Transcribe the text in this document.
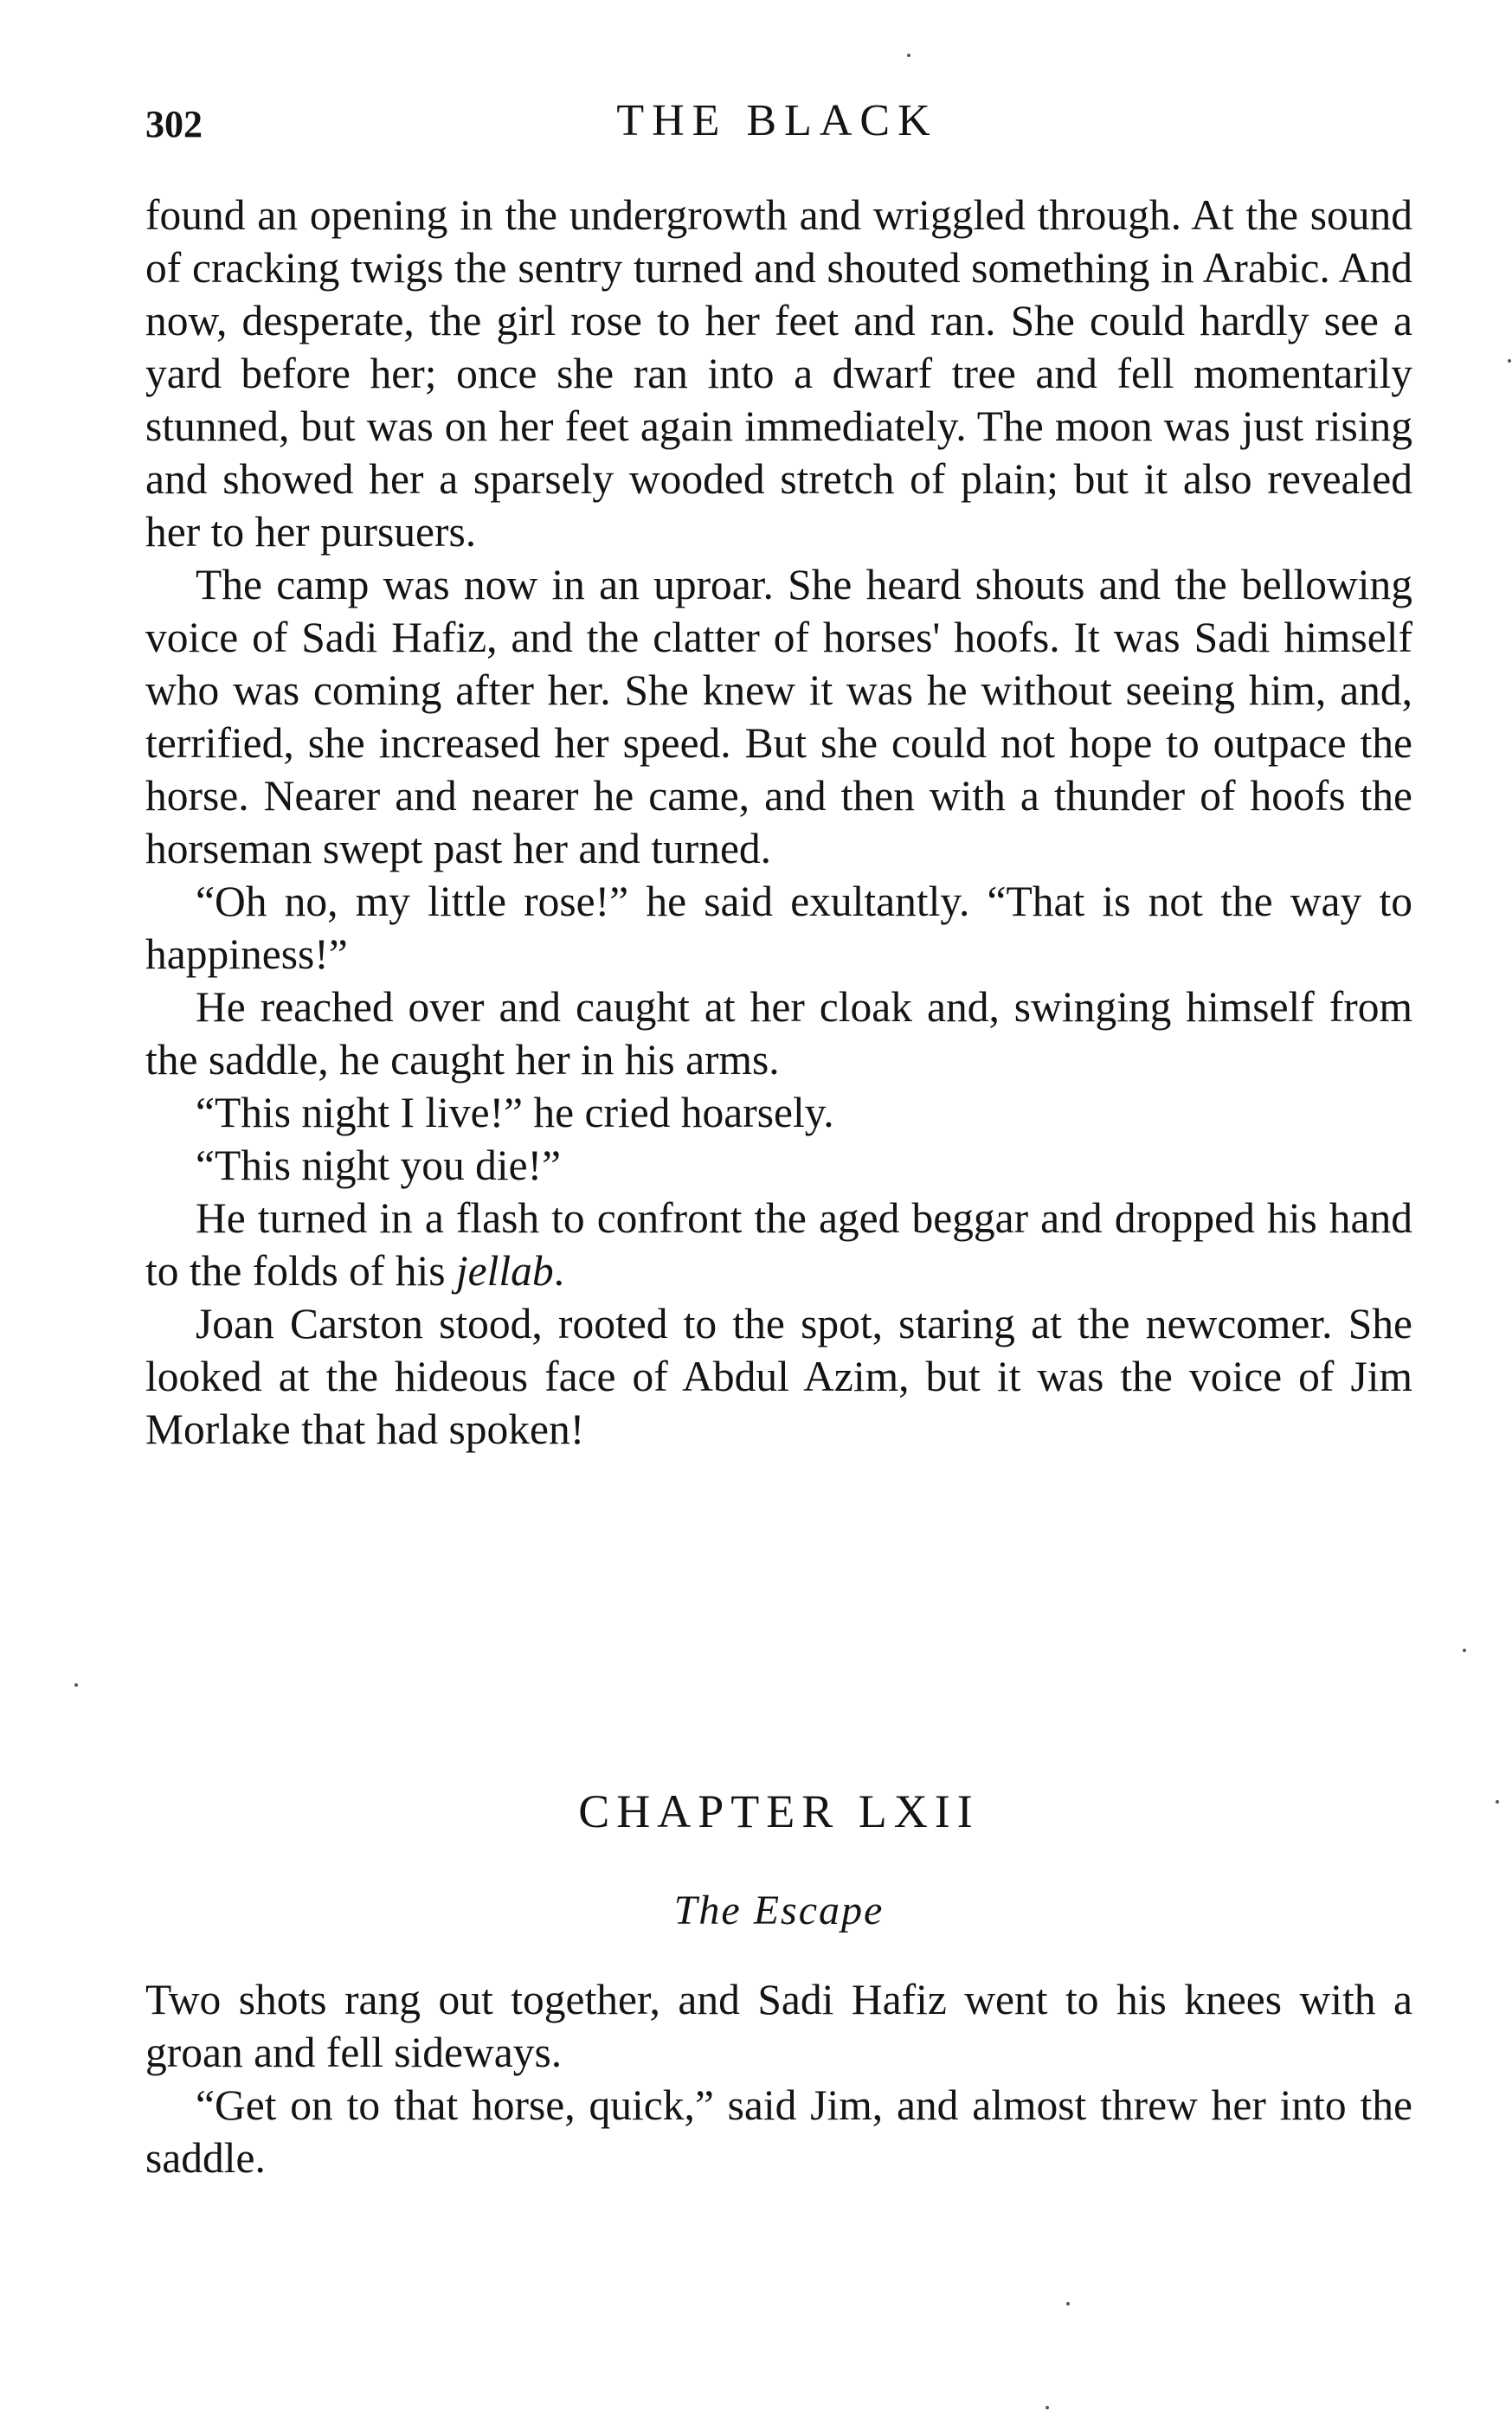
302	THE BLACK

found an opening in the undergrowth and wriggled through. At the sound of cracking twigs the sentry turned and shouted something in Arabic. And now, desperate, the girl rose to her feet and ran. She could hardly see a yard before her; once she ran into a dwarf tree and fell momentarily stunned, but was on her feet again immediately. The moon was just rising and showed her a sparsely wooded stretch of plain; but it also revealed her to her pursuers.

The camp was now in an uproar. She heard shouts and the bellowing voice of Sadi Hafiz, and the clatter of horses' hoofs. It was Sadi himself who was coming after her. She knew it was he without seeing him, and, terrified, she increased her speed. But she could not hope to outpace the horse. Nearer and nearer he came, and then with a thunder of hoofs the horseman swept past her and turned.

“Oh no, my little rose!” he said exultantly. “That is not the way to happiness!”

He reached over and caught at her cloak and, swinging himself from the saddle, he caught her in his arms.

“This night I live!” he cried hoarsely.

“This night you die!”

He turned in a flash to confront the aged beggar and dropped his hand to the folds of his jellab.

Joan Carston stood, rooted to the spot, staring at the newcomer. She looked at the hideous face of Abdul Azim, but it was the voice of Jim Morlake that had spoken!

CHAPTER LXII
The Escape

Two shots rang out together, and Sadi Hafiz went to his knees with a groan and fell sideways.

“Get on to that horse, quick,” said Jim, and almost threw her into the saddle.
